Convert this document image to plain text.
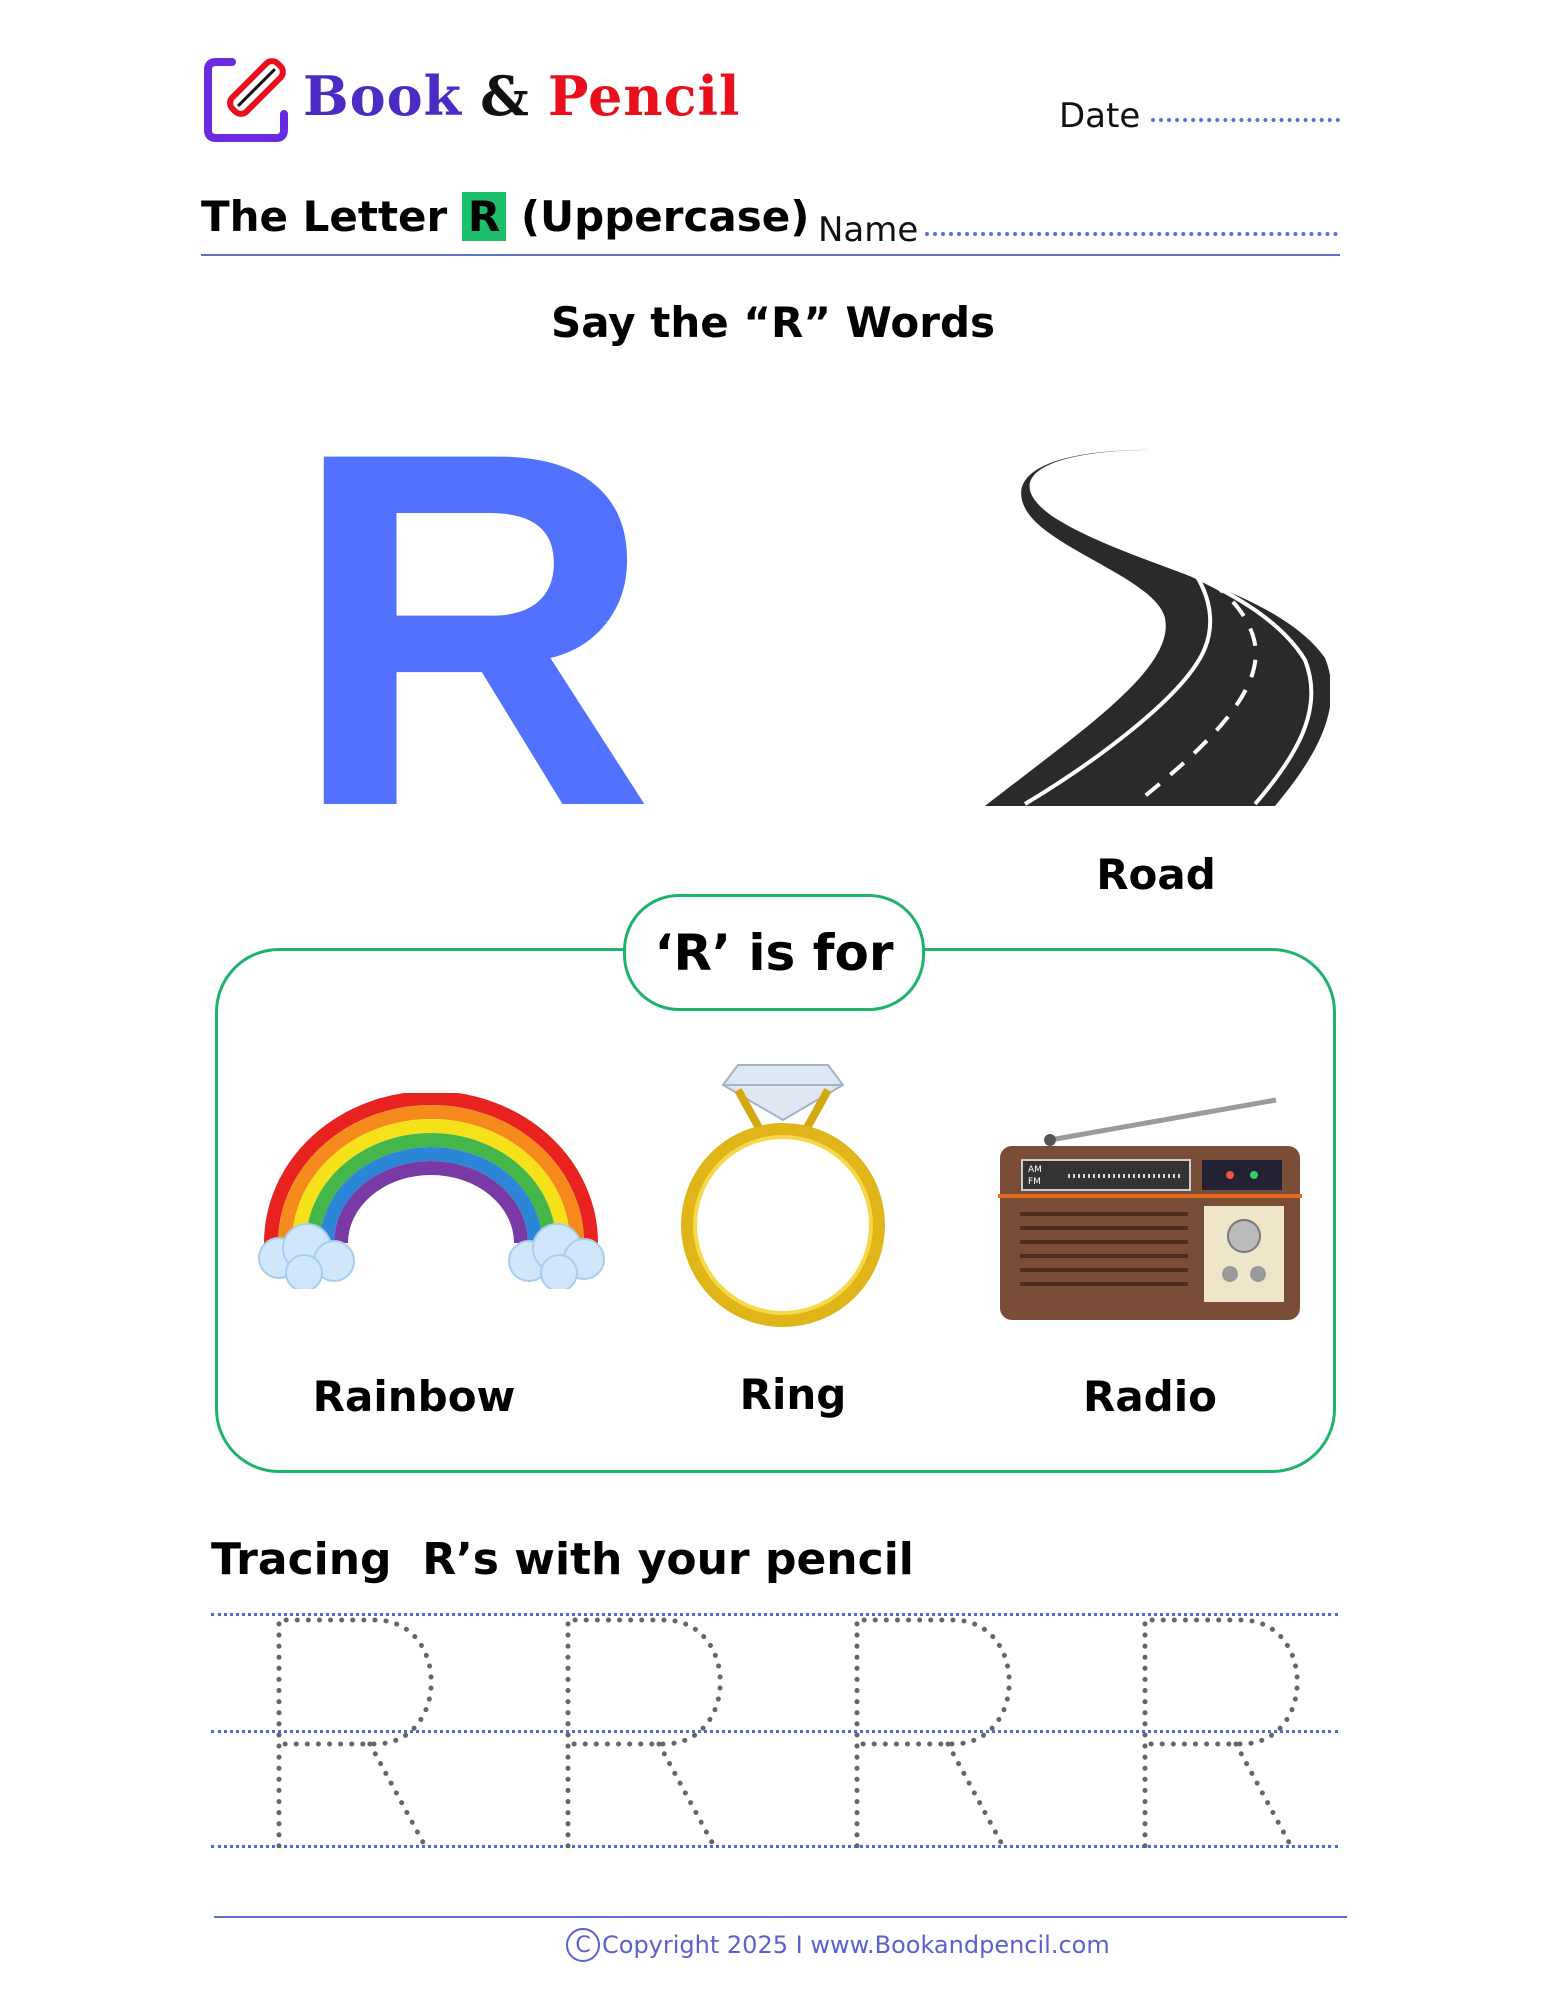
Book & Pencil	Date
The Letter R (Uppercase) Name
Say the “R” Words
R	Road
‘R’ is for
AM
FM
Rainbow	Ring	Radio
Tracing  R’s with your pencil
C Copyright 2025 I www.Bookandpencil.com
